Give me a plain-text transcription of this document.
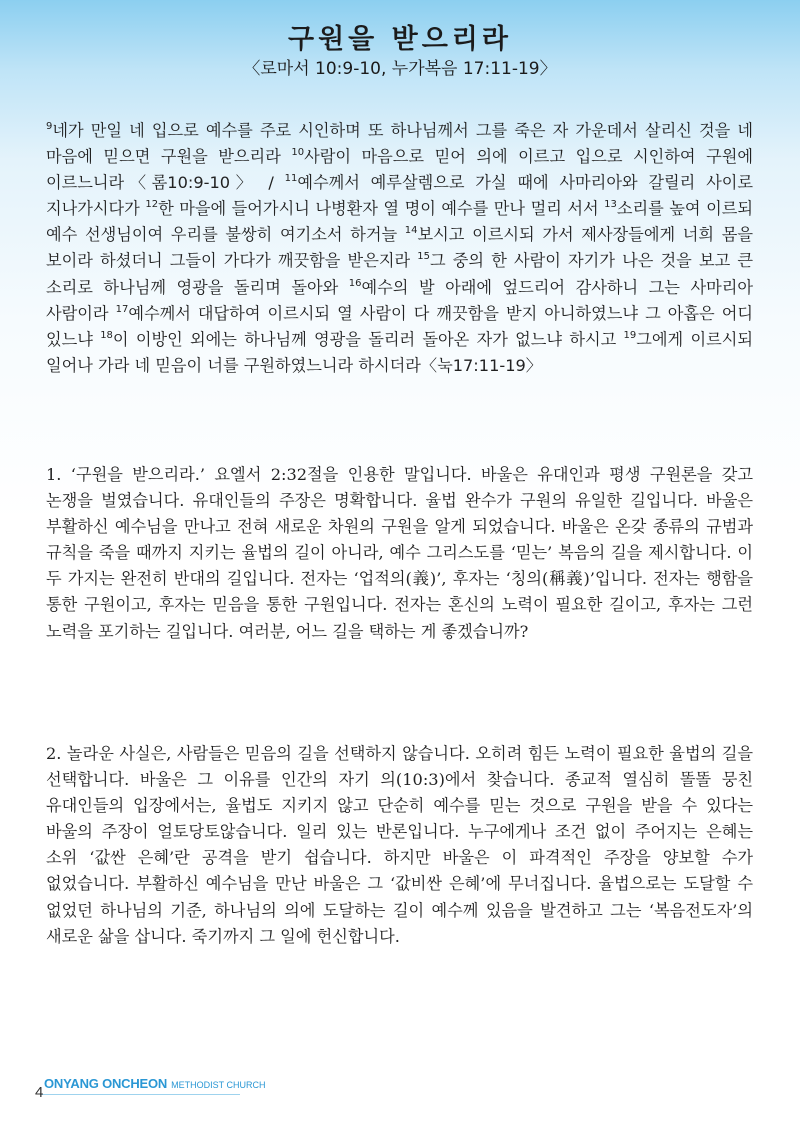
구원을 받으리라
〈로마서 10:9-10, 누가복음 17:11-19〉
$^9$네가 만일 네 입으로 예수를 주로 시인하며 또 하나님께서 그를 죽은 자 가운데서 살리신 것을 네 마음에 믿으면 구원을 받으리라 $^{10}$사람이 마음으로 믿어 의에 이르고 입으로 시인하여 구원에 이르느니라〈롬10:9-10〉 / $^{11}$예수께서 예루살렘으로 가실 때에 사마리아와 갈릴리 사이로 지나가시다가 $^{12}$한 마을에 들어가시니 나병환자 열 명이 예수를 만나 멀리 서서 $^{13}$소리를 높여 이르되 예수 선생님이여 우리를 불쌍히 여기소서 하거늘 $^{14}$보시고 이르시되 가서 제사장들에게 너희 몸을 보이라 하셨더니 그들이 가다가 깨끗함을 받은지라 $^{15}$그 중의 한 사람이 자기가 나은 것을 보고 큰 소리로 하나님께 영광을 돌리며 돌아와 $^{16}$예수의 발 아래에 엎드리어 감사하니 그는 사마리아 사람이라 $^{17}$예수께서 대답하여 이르시되 열 사람이 다 깨끗함을 받지 아니하였느냐 그 아홉은 어디 있느냐 $^{18}$이 이방인 외에는 하나님께 영광을 돌리러 돌아온 자가 없느냐 하시고 $^{19}$그에게 이르시되 일어나 가라 네 믿음이 너를 구원하였느니라 하시더라〈눅17:11-19〉

1. ‘구원을 받으리라.’ 요엘서 2:32절을 인용한 말입니다. 바울은 유대인과 평생 구원론을 갖고 논쟁을 벌였습니다. 유대인들의 주장은 명확합니다. 율법 완수가 구원의 유일한 길입니다. 바울은 부활하신 예수님을 만나고 전혀 새로운 차원의 구원을 알게 되었습니다. 바울은 온갖 종류의 규범과 규칙을 죽을 때까지 지키는 율법의 길이 아니라, 예수 그리스도를 ‘믿는’ 복음의 길을 제시합니다. 이 두 가지는 완전히 반대의 길입니다. 전자는 ‘업적의(義)’, 후자는 ‘칭의(稱義)’입니다. 전자는 행함을 통한 구원이고, 후자는 믿음을 통한 구원입니다. 전자는 혼신의 노력이 필요한 길이고, 후자는 그런 노력을 포기하는 길입니다. 여러분, 어느 길을 택하는 게 좋겠습니까?

2. 놀라운 사실은, 사람들은 믿음의 길을 선택하지 않습니다. 오히려 힘든 노력이 필요한 율법의 길을 선택합니다. 바울은 그 이유를 인간의 자기 의(10:3)에서 찾습니다. 종교적 열심히 똘똘 뭉친 유대인들의 입장에서는, 율법도 지키지 않고 단순히 예수를 믿는 것으로 구원을 받을 수 있다는 바울의 주장이 얼토당토않습니다. 일리 있는 반론입니다. 누구에게나 조건 없이 주어지는 은혜는 소위 ‘값싼 은혜’란 공격을 받기 쉽습니다. 하지만 바울은 이 파격적인 주장을 양보할 수가 없었습니다. 부활하신 예수님을 만난 바울은 그 ‘값비싼 은혜’에 무너집니다. 율법으로는 도달할 수 없었던 하나님의 기준, 하나님의 의에 도달하는 길이 예수께 있음을 발견하고 그는 ‘복음전도자’의 새로운 삶을 삽니다. 죽기까지 그 일에 헌신합니다.

ONYANG ONCHEON METHODIST CHURCH
4
